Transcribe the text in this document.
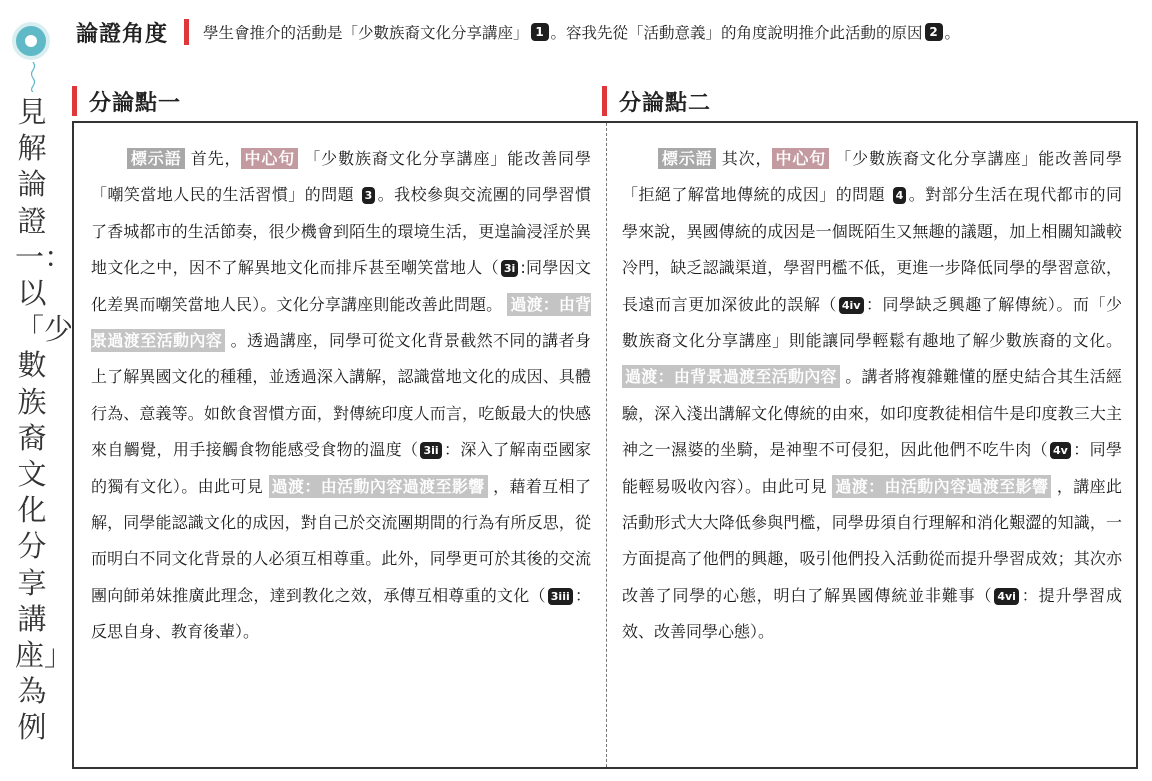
見解論證一：以「少數族裔文化分享講座」為例
論證角度 學生會推介的活動是「少數族裔文化分享講座」 1 。容我先從「活動意義」的角度說明推介此活動的原因 2 。
分論點一	分論點二
標示語 首先， 中心句 「少數族裔文化分享講座」能改善同學「嘲笑當地人民的生活習慣」的問題 3 。我校參與交流團的同學習慣了香城都市的生活節奏，很少機會到陌生的環境生活，更遑論浸淫於異地文化之中，因不了解異地文化而排斥甚至嘲笑當地人（ 3i :同學因文化差異而嘲笑當地人民）。文化分享講座則能改善此問題。 過渡：由背景過渡至活動內容 。透過講座，同學可從文化背景截然不同的講者身上了解異國文化的種種，並透過深入講解，認識當地文化的成因、具體行為、意義等。如飲食習慣方面，對傳統印度人而言，吃飯最大的快感來自觸覺，用手接觸食物能感受食物的溫度（ 3ii ：深入了解南亞國家的獨有文化）。由此可見 過渡：由活動內容過渡至影響 ，藉着互相了解，同學能認識文化的成因，對自己於交流團期間的行為有所反思，從而明白不同文化背景的人必須互相尊重。此外，同學更可於其後的交流團向師弟妹推廣此理念，達到教化之效，承傳互相尊重的文化（ 3iii ：反思自身、教育後輩）。
標示語 其次， 中心句 「少數族裔文化分享講座」能改善同學「拒絕了解當地傳統的成因」的問題 4 。對部分生活在現代都市的同學來說，異國傳統的成因是一個既陌生又無趣的議題，加上相關知識較冷門，缺乏認識渠道，學習門檻不低，更進一步降低同學的學習意欲，長遠而言更加深彼此的誤解（ 4iv ：同學缺乏興趣了解傳統）。而「少數族裔文化分享講座」則能讓同學輕鬆有趣地了解少數族裔的文化。 過渡：由背景過渡至活動內容 。講者將複雜難懂的歷史結合其生活經驗，深入淺出講解文化傳統的由來，如印度教徒相信牛是印度教三大主神之一濕婆的坐騎，是神聖不可侵犯，因此他們不吃牛肉（ 4v ：同學能輕易吸收內容）。由此可見 過渡：由活動內容過渡至影響 ，講座此活動形式大大降低參與門檻，同學毋須自行理解和消化艱澀的知識，一方面提高了他們的興趣，吸引他們投入活動從而提升學習成效；其次亦改善了同學的心態，明白了解異國傳統並非難事（ 4vi ：提升學習成效、改善同學心態）。
